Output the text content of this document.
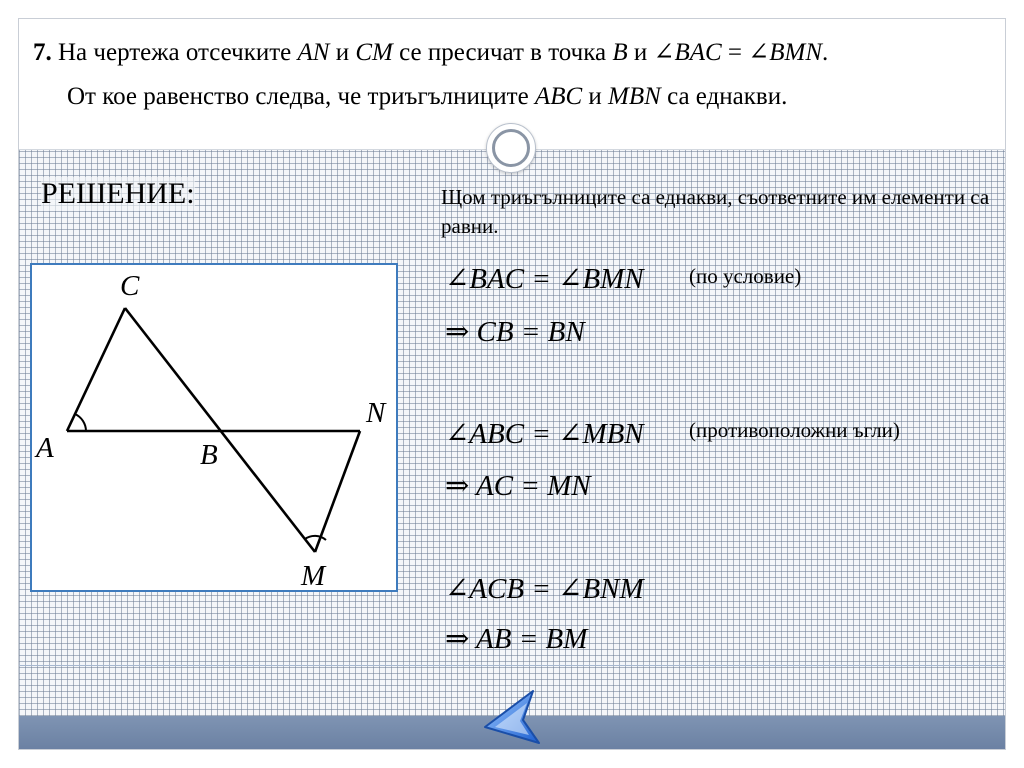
7. На чертежа отсечките AN и CM се пресичат в точка B и ∠BAC = ∠BMN.
От кое равенство следва, че триъгълниците ABC и MBN са еднакви.
РЕШЕНИЕ:	Щом триъгълниците са еднакви, съответните им елементи са равни.
C
A	B
N
M
∠BAC = ∠BMN (по условие)
⇒ CB = BN
∠ABC = ∠MBN (противоположни ъгли)
⇒ AC = MN
∠ACB = ∠BNM
⇒ AB = BM
